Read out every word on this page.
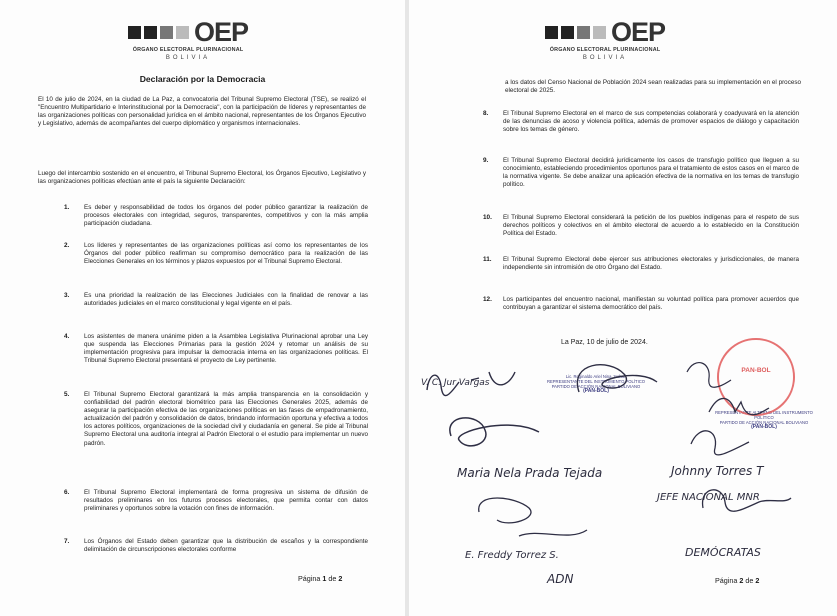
OEP
ÓRGANO ELECTORAL PLURINACIONAL
BOLIVIA
Declaración por la Democracia
El 10 de julio de 2024, en la ciudad de La Paz, a convocatoria del Tribunal Supremo Electoral (TSE), se realizó el "Encuentro Multipartidario e Interinstitucional por la Democracia", con la participación de líderes y representantes de las organizaciones políticas con personalidad jurídica en el ámbito nacional, representantes de los Órganos Ejecutivo y Legislativo, además de acompañantes del cuerpo diplomático y organismos internacionales.
Luego del intercambio sostenido en el encuentro, el Tribunal Supremo Electoral, los Órganos Ejecutivo, Legislativo y las organizaciones políticas efectúan ante el país la siguiente Declaración:
1.	Es deber y responsabilidad de todos los órganos del poder público garantizar la realización de procesos electorales con integridad, seguros, transparentes, competitivos y con la más amplia participación ciudadana.
2.	Los líderes y representantes de las organizaciones políticas así como los representantes de los Órganos del poder público reafirman su compromiso democrático para la realización de las Elecciones Generales en los términos y plazos expuestos por el Tribunal Supremo Electoral.
3.	Es una prioridad la realización de las Elecciones Judiciales con la finalidad de renovar a las autoridades judiciales en el marco constitucional y legal vigente en el país.
4.	Los asistentes de manera unánime piden a la Asamblea Legislativa Plurinacional aprobar una Ley que suspenda las Elecciones Primarias para la gestión 2024 y retomar un análisis de su implementación progresiva para impulsar la democracia interna en las organizaciones políticas. El Tribunal Supremo Electoral presentará el proyecto de Ley pertinente.
5.	El Tribunal Supremo Electoral garantizará la más amplia transparencia en la consolidación y confiabilidad del padrón electoral biométrico para las Elecciones Generales 2025, además de asegurar la participación efectiva de las organizaciones políticas en las fases de empadronamiento, actualización del padrón y consolidación de datos, brindando información oportuna y efectiva a todos los actores políticos, organizaciones de la sociedad civil y ciudadanía en general. Se pide al Tribunal Supremo Electoral una auditoría integral al Padrón Electoral o el estudio para implementar un nuevo padrón.
6.	El Tribunal Supremo Electoral implementará de forma progresiva un sistema de difusión de resultados preliminares en los futuros procesos electorales, que permita contar con datos preliminares y oportunos sobre la votación con fines de información.
7.	Los Órganos del Estado deben garantizar que la distribución de escaños y la correspondiente delimitación de circunscripciones electorales conforme
Página 1 de 2
OEP
ÓRGANO ELECTORAL PLURINACIONAL
BOLIVIA
a los datos del Censo Nacional de Población 2024 sean realizadas para su implementación en el proceso electoral de 2025.
8.	El Tribunal Supremo Electoral en el marco de sus competencias colaborará y coadyuvará en la atención de las denuncias de acoso y violencia política, además de promover espacios de diálogo y capacitación sobre los temas de género.
9.	El Tribunal Supremo Electoral decidirá jurídicamente los casos de transfugio político que lleguen a su conocimiento, estableciendo procedimientos oportunos para el tratamiento de estos casos en el marco de la normativa vigente. Se debe analizar una aplicación efectiva de la normativa en los temas de transfugio político.
10.	El Tribunal Supremo Electoral considerará la petición de los pueblos indígenas para el respeto de sus derechos políticos y colectivos en el ámbito electoral de acuerdo a lo establecido en la Constitución Política del Estado.
11.	El Tribunal Supremo Electoral debe ejercer sus atribuciones electorales y jurisdiccionales, de manera independiente sin intromisión de otro Órgano del Estado.
12.	Los participantes del encuentro nacional, manifiestan su voluntad política para promover acuerdos que contribuyan a garantizar el sistema democrático del país.
La Paz, 10 de julio de 2024.
Lic. Reginaldo Ariel Nina Jachari
REPRESENTANTE DEL INSTRUMENTO POLÍTICO
PARTIDO DE ACCIÓN NACIONAL BOLIVIANO
(PAN-BOL)
REPRESENTANTE ALTERNO DEL INSTRUMENTO POLÍTICO
PARTIDO DE ACCIÓN NACIONAL BOLIVIANO
(PAN-BOL)
PAN-BOL
V. C. Jur Vargas
Maria Nela Prada Tejada	Johnny Torres T
JEFE NACIONAL MNR
E. Freddy Torrez S.
ADN
DEMÓCRATAS
Página 2 de 2
